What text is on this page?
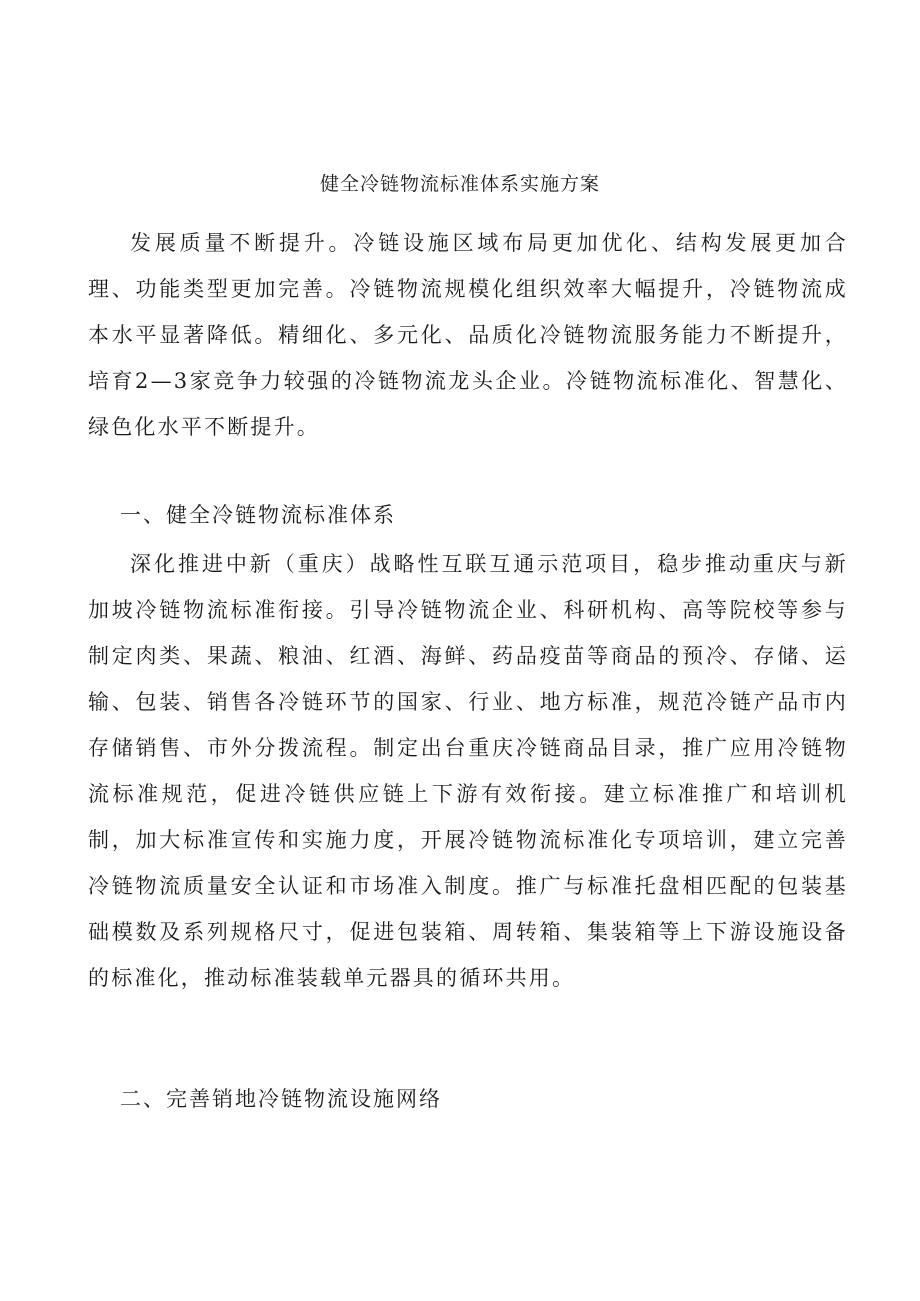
健全冷链物流标准体系实施方案

发展质量不断提升。冷链设施区域布局更加优化、结构发展更加合理、功能类型更加完善。冷链物流规模化组织效率大幅提升，冷链物流成本水平显著降低。精细化、多元化、品质化冷链物流服务能力不断提升，培育2—3家竞争力较强的冷链物流龙头企业。冷链物流标准化、智慧化、绿色化水平不断提升。

一、健全冷链物流标准体系

深化推进中新（重庆）战略性互联互通示范项目，稳步推动重庆与新加坡冷链物流标准衔接。引导冷链物流企业、科研机构、高等院校等参与制定肉类、果蔬、粮油、红酒、海鲜、药品疫苗等商品的预冷、存储、运输、包装、销售各冷链环节的国家、行业、地方标准，规范冷链产品市内存储销售、市外分拨流程。制定出台重庆冷链商品目录，推广应用冷链物流标准规范，促进冷链供应链上下游有效衔接。建立标准推广和培训机制，加大标准宣传和实施力度，开展冷链物流标准化专项培训，建立完善冷链物流质量安全认证和市场准入制度。推广与标准托盘相匹配的包装基础模数及系列规格尺寸，促进包装箱、周转箱、集装箱等上下游设施设备的标准化，推动标准装载单元器具的循环共用。

二、完善销地冷链物流设施网络
